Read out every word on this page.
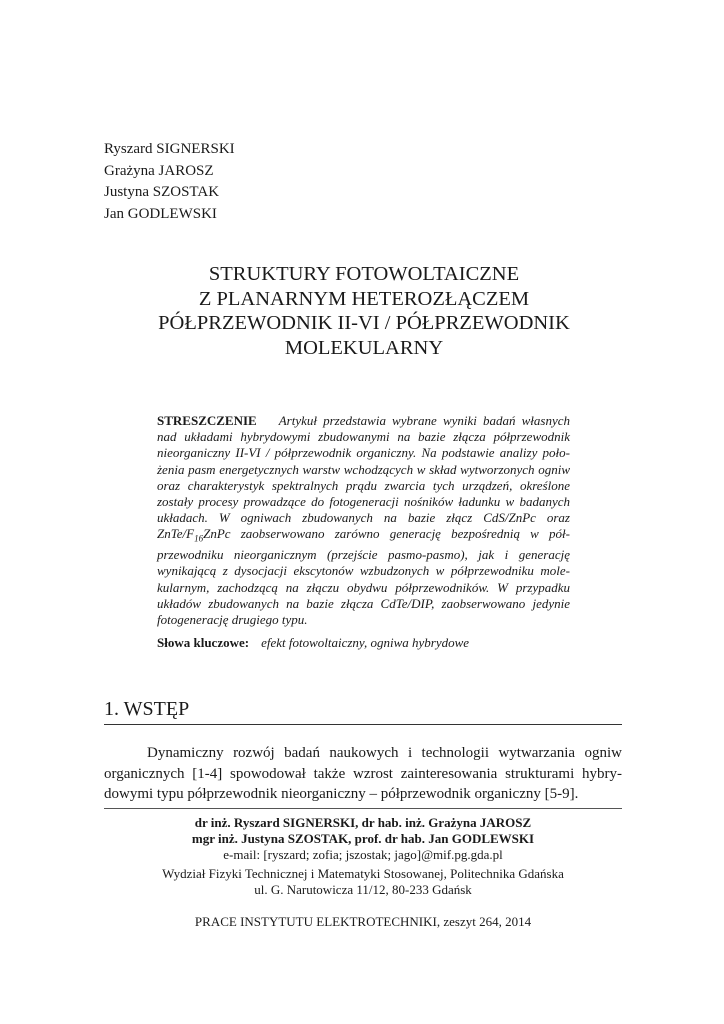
Ryszard SIGNERSKI
Grażyna JAROSZ
Justyna SZOSTAK
Jan GODLEWSKI
STRUKTURY FOTOWOLTAICZNE
Z PLANARNYM HETEROZŁĄCZEM
PÓŁPRZEWODNIK II-VI / PÓŁPRZEWODNIK
MOLEKULARNY
STRESZCZENIE Artykuł przedstawia wybrane wyniki badań własnych nad układami hybrydowymi zbudowanymi na bazie złącza półprzewodnik nieorganiczny II-VI / półprzewodnik organiczny. Na podstawie analizy poło-żenia pasm energetycznych warstw wchodzących w skład wytworzonych ogniw oraz charakterystyk spektralnych prądu zwarcia tych urządzeń, określone zostały procesy prowadzące do fotogeneracji nośników ładunku w badanych układach. W ogniwach zbudowanych na bazie złącz CdS/ZnPc oraz ZnTe/$F_{16}ZnPc$ zaobserwowano zarówno generację bezpośrednią w pół-przewodniku nieorganicznym (przejście pasmo-pasmo), jak i generację wynikającą z dysocjacji ekscytonów wzbudzonych w półprzewodniku mole-kularnym, zachodzącą na złączu obydwu półprzewodników. W przypadku układów zbudowanych na bazie złącza CdTe/DIP, zaobserwowano jedynie fotogenerację drugiego typu.
Słowa kluczowe: efekt fotowoltaiczny, ogniwa hybrydowe
1. WSTĘP
Dynamiczny rozwój badań naukowych i technologii wytwarzania ogniw organicznych [1-4] spowodował także wzrost zainteresowania strukturami hybry-dowymi typu półprzewodnik nieorganiczny – półprzewodnik organiczny [5-9].
dr inż. Ryszard SIGNERSKI, dr hab. inż. Grażyna JAROSZ
mgr inż. Justyna SZOSTAK, prof. dr hab. Jan GODLEWSKI
e-mail: [ryszard; zofia; jszostak; jago]@mif.pg.gda.pl
Wydział Fizyki Technicznej i Matematyki Stosowanej, Politechnika Gdańska
ul. G. Narutowicza 11/12, 80-233 Gdańsk
PRACE INSTYTUTU ELEKTROTECHNIKI, zeszyt 264, 2014
